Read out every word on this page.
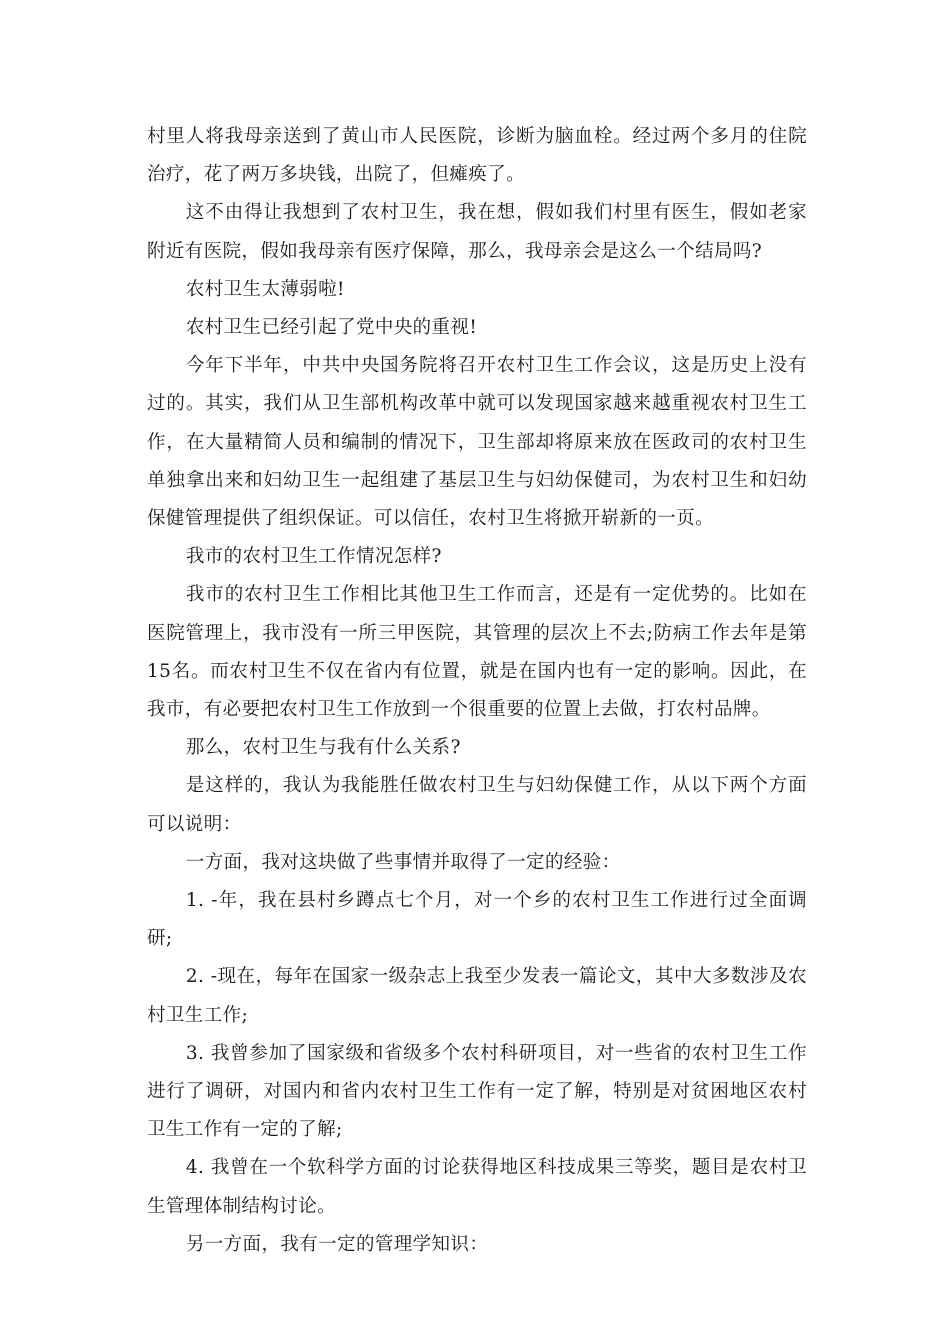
村里人将我母亲送到了黄山市人民医院，诊断为脑血栓。经过两个多月的住院治疗，花了两万多块钱，出院了，但瘫痪了。

这不由得让我想到了农村卫生，我在想，假如我们村里有医生，假如老家附近有医院，假如我母亲有医疗保障，那么，我母亲会是这么一个结局吗?

农村卫生太薄弱啦!

农村卫生已经引起了党中央的重视!

今年下半年，中共中央国务院将召开农村卫生工作会议，这是历史上没有过的。其实，我们从卫生部机构改革中就可以发现国家越来越重视农村卫生工作，在大量精简人员和编制的情况下，卫生部却将原来放在医政司的农村卫生单独拿出来和妇幼卫生一起组建了基层卫生与妇幼保健司，为农村卫生和妇幼保健管理提供了组织保证。可以信任，农村卫生将掀开崭新的一页。

我市的农村卫生工作情况怎样?

我市的农村卫生工作相比其他卫生工作而言，还是有一定优势的。比如在医院管理上，我市没有一所三甲医院，其管理的层次上不去;防病工作去年是第15名。而农村卫生不仅在省内有位置，就是在国内也有一定的影响。因此，在我市，有必要把农村卫生工作放到一个很重要的位置上去做，打农村品牌。

那么，农村卫生与我有什么关系?

是这样的，我认为我能胜任做农村卫生与妇幼保健工作，从以下两个方面可以说明：

一方面，我对这块做了些事情并取得了一定的经验：

1. -年，我在县村乡蹲点七个月，对一个乡的农村卫生工作进行过全面调研;

2. -现在，每年在国家一级杂志上我至少发表一篇论文，其中大多数涉及农村卫生工作;

3. 我曾参加了国家级和省级多个农村科研项目，对一些省的农村卫生工作进行了调研，对国内和省内农村卫生工作有一定了解，特别是对贫困地区农村卫生工作有一定的了解;

4. 我曾在一个软科学方面的讨论获得地区科技成果三等奖，题目是农村卫生管理体制结构讨论。

另一方面，我有一定的管理学知识：
